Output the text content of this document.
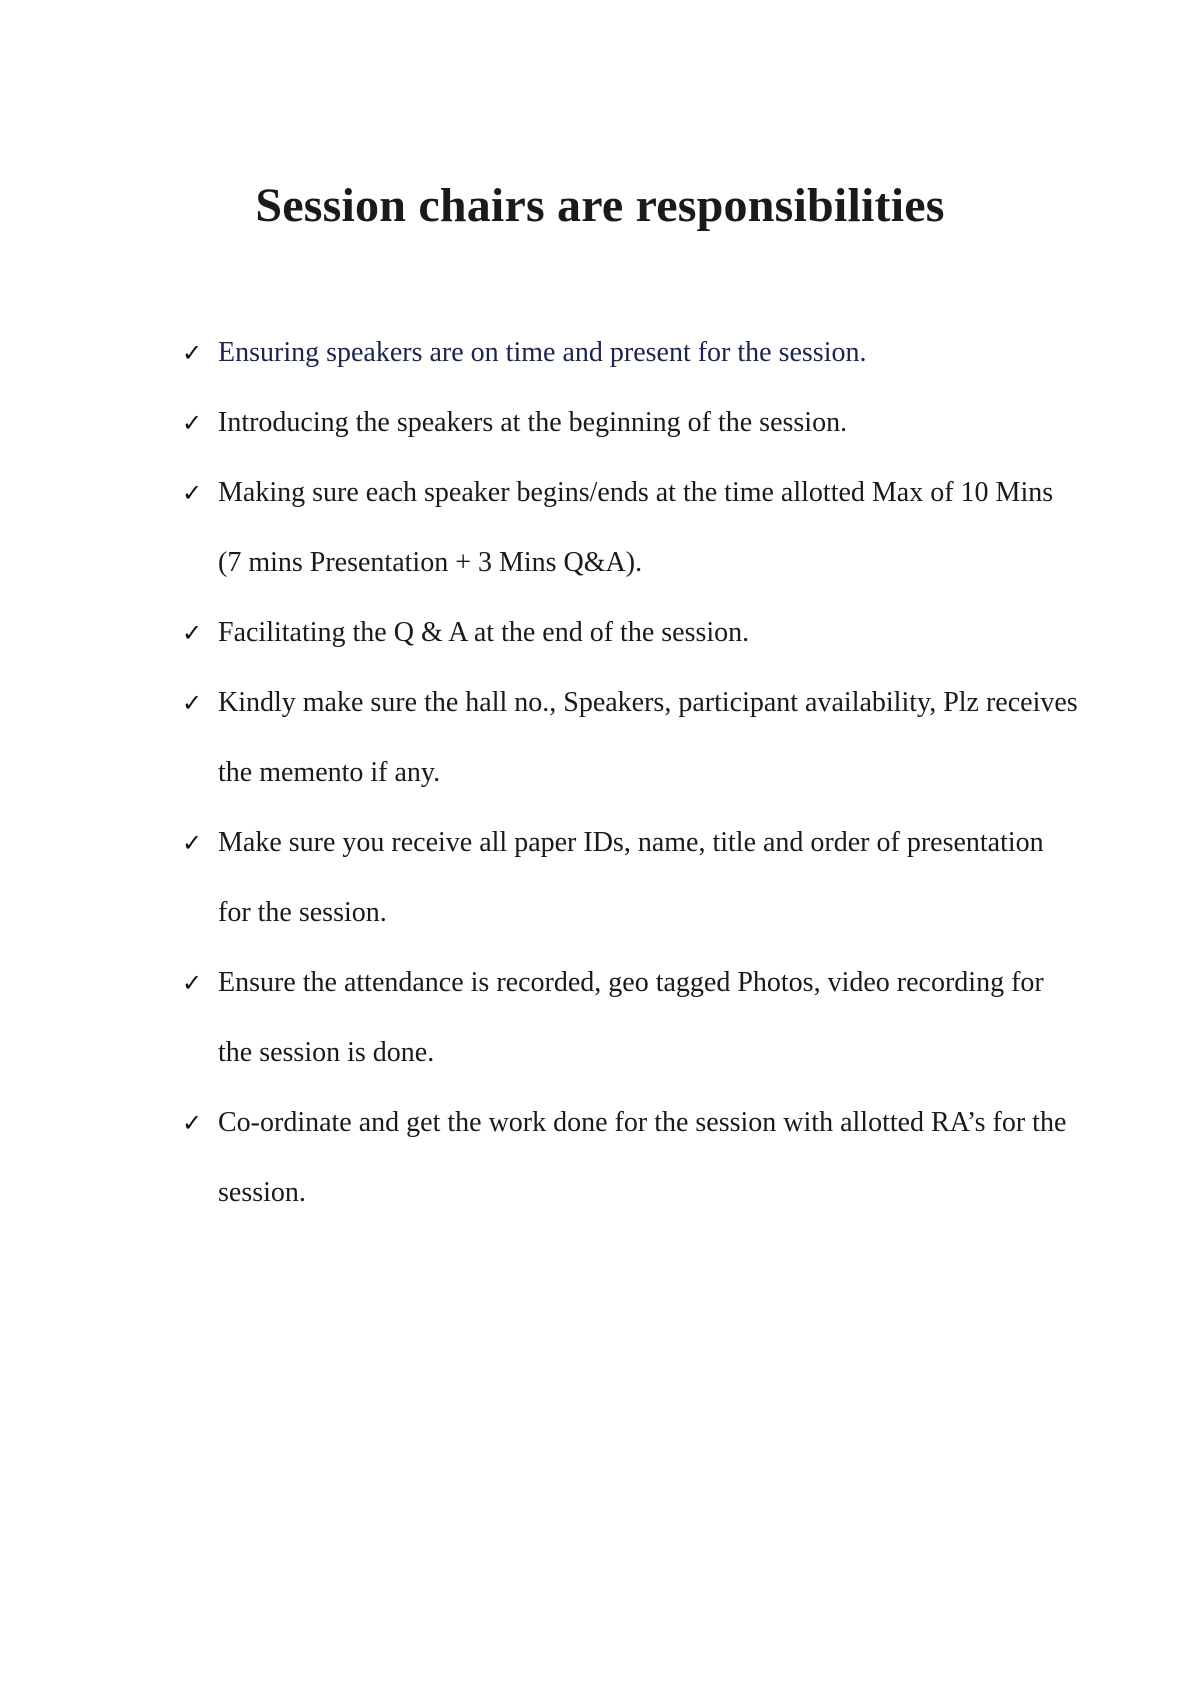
Session chairs are responsibilities
✓ Ensuring speakers are on time and present for the session.
✓ Introducing the speakers at the beginning of the session.
✓ Making sure each speaker begins/ends at the time allotted Max of 10 Mins (7 mins Presentation + 3 Mins Q&A).
✓ Facilitating the Q & A at the end of the session.
✓ Kindly make sure the hall no., Speakers, participant availability, Plz receives the memento if any.
✓ Make sure you receive all paper IDs, name, title and order of presentation for the session.
✓ Ensure the attendance is recorded, geo tagged Photos, video recording for the session is done.
✓ Co-ordinate and get the work done for the session with allotted RA’s for the session.
